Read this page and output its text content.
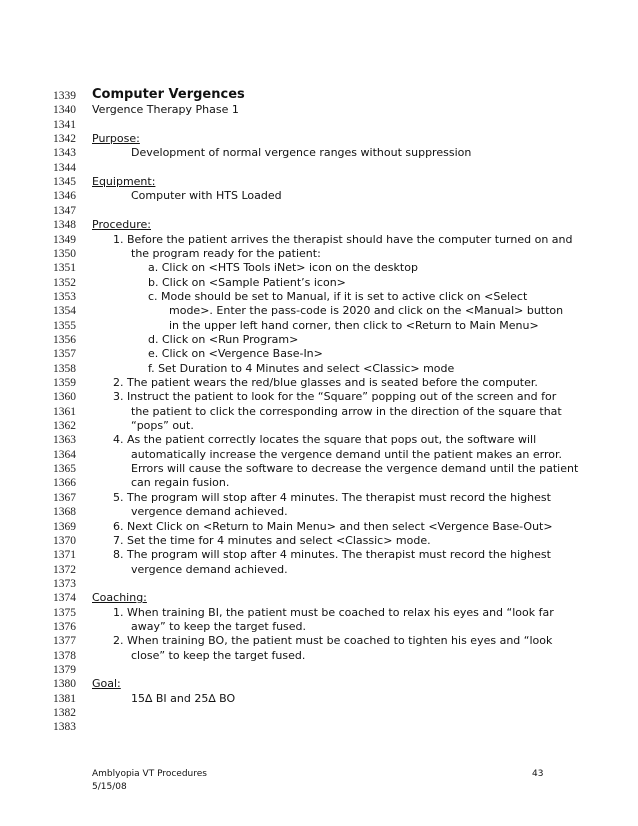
1339
1340
1341
1342
1343
1344
1345
1346
1347
1348
1349
1350
1351
1352
1353
1354
1355
1356
1357
1358
1359
1360
1361
1362
1363
1364
1365
1366
1367
1368
1369
1370
1371
1372
1373
1374
1375
1376
1377
1378
1379
1380
1381
1382
1383
Computer Vergences
Vergence Therapy Phase 1
Purpose:
Development of normal vergence ranges without suppression
Equipment:
Computer with HTS Loaded
Procedure:
1. Before the patient arrives the therapist should have the computer turned on and
the program ready for the patient:
a. Click on <HTS Tools iNet> icon on the desktop
b. Click on <Sample Patient’s icon>
c. Mode should be set to Manual, if it is set to active click on <Select
mode>. Enter the pass-code is 2020 and click on the <Manual> button
in the upper left hand corner, then click to <Return to Main Menu>
d. Click on <Run Program>
e. Click on <Vergence Base-In>
f. Set Duration to 4 Minutes and select <Classic> mode
2. The patient wears the red/blue glasses and is seated before the computer.
3. Instruct the patient to look for the “Square” popping out of the screen and for
the patient to click the corresponding arrow in the direction of the square that
“pops” out.
4. As the patient correctly locates the square that pops out, the software will
automatically increase the vergence demand until the patient makes an error.
Errors will cause the software to decrease the vergence demand until the patient
can regain fusion.
5. The program will stop after 4 minutes. The therapist must record the highest
vergence demand achieved.
6. Next Click on <Return to Main Menu> and then select <Vergence Base-Out>
7. Set the time for 4 minutes and select <Classic> mode.
8. The program will stop after 4 minutes. The therapist must record the highest
vergence demand achieved.
Coaching:
1. When training BI, the patient must be coached to relax his eyes and “look far
away” to keep the target fused.
2. When training BO, the patient must be coached to tighten his eyes and “look
close” to keep the target fused.
Goal:
15∆ BI and 25∆ BO
Amblyopia VT Procedures
5/15/08
43
